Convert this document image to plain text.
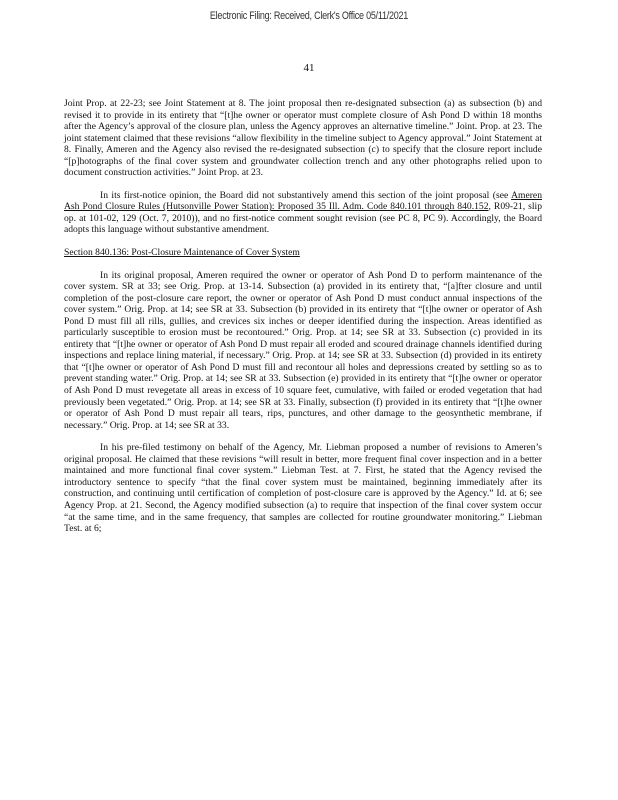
Electronic Filing: Received, Clerk's Office 05/11/2021
41

Joint Prop. at 22-23; see Joint Statement at 8. The joint proposal then re-designated subsection (a) as subsection (b) and revised it to provide in its entirety that “[t]he owner or operator must complete closure of Ash Pond D within 18 months after the Agency’s approval of the closure plan, unless the Agency approves an alternative timeline.” Joint. Prop. at 23. The joint statement claimed that these revisions “allow flexibility in the timeline subject to Agency approval.” Joint Statement at 8. Finally, Ameren and the Agency also revised the re-designated subsection (c) to specify that the closure report include “[p]hotographs of the final cover system and groundwater collection trench and any other photographs relied upon to document construction activities.” Joint Prop. at 23.

In its first-notice opinion, the Board did not substantively amend this section of the joint proposal (see Ameren Ash Pond Closure Rules (Hutsonville Power Station): Proposed 35 Ill. Adm. Code 840.101 through 840.152, R09-21, slip op. at 101-02, 129 (Oct. 7, 2010)), and no first-notice comment sought revision (see PC 8, PC 9). Accordingly, the Board adopts this language without substantive amendment.

Section 840.136: Post-Closure Maintenance of Cover System

In its original proposal, Ameren required the owner or operator of Ash Pond D to perform maintenance of the cover system. SR at 33; see Orig. Prop. at 13-14. Subsection (a) provided in its entirety that, “[a]fter closure and until completion of the post-closure care report, the owner or operator of Ash Pond D must conduct annual inspections of the cover system.” Orig. Prop. at 14; see SR at 33. Subsection (b) provided in its entirety that “[t]he owner or operator of Ash Pond D must fill all rills, gullies, and crevices six inches or deeper identified during the inspection. Areas identified as particularly susceptible to erosion must be recontoured.” Orig. Prop. at 14; see SR at 33. Subsection (c) provided in its entirety that “[t]he owner or operator of Ash Pond D must repair all eroded and scoured drainage channels identified during inspections and replace lining material, if necessary.” Orig. Prop. at 14; see SR at 33. Subsection (d) provided in its entirety that “[t]he owner or operator of Ash Pond D must fill and recontour all holes and depressions created by settling so as to prevent standing water.” Orig. Prop. at 14; see SR at 33. Subsection (e) provided in its entirety that “[t]he owner or operator of Ash Pond D must revegetate all areas in excess of 10 square feet, cumulative, with failed or eroded vegetation that had previously been vegetated.” Orig. Prop. at 14; see SR at 33. Finally, subsection (f) provided in its entirety that “[t]he owner or operator of Ash Pond D must repair all tears, rips, punctures, and other damage to the geosynthetic membrane, if necessary.” Orig. Prop. at 14; see SR at 33.

In his pre-filed testimony on behalf of the Agency, Mr. Liebman proposed a number of revisions to Ameren’s original proposal. He claimed that these revisions “will result in better, more frequent final cover inspection and in a better maintained and more functional final cover system.” Liebman Test. at 7. First, he stated that the Agency revised the introductory sentence to specify “that the final cover system must be maintained, beginning immediately after its construction, and continuing until certification of completion of post-closure care is approved by the Agency.” Id. at 6; see Agency Prop. at 21. Second, the Agency modified subsection (a) to require that inspection of the final cover system occur “at the same time, and in the same frequency, that samples are collected for routine groundwater monitoring.” Liebman Test. at 6;
